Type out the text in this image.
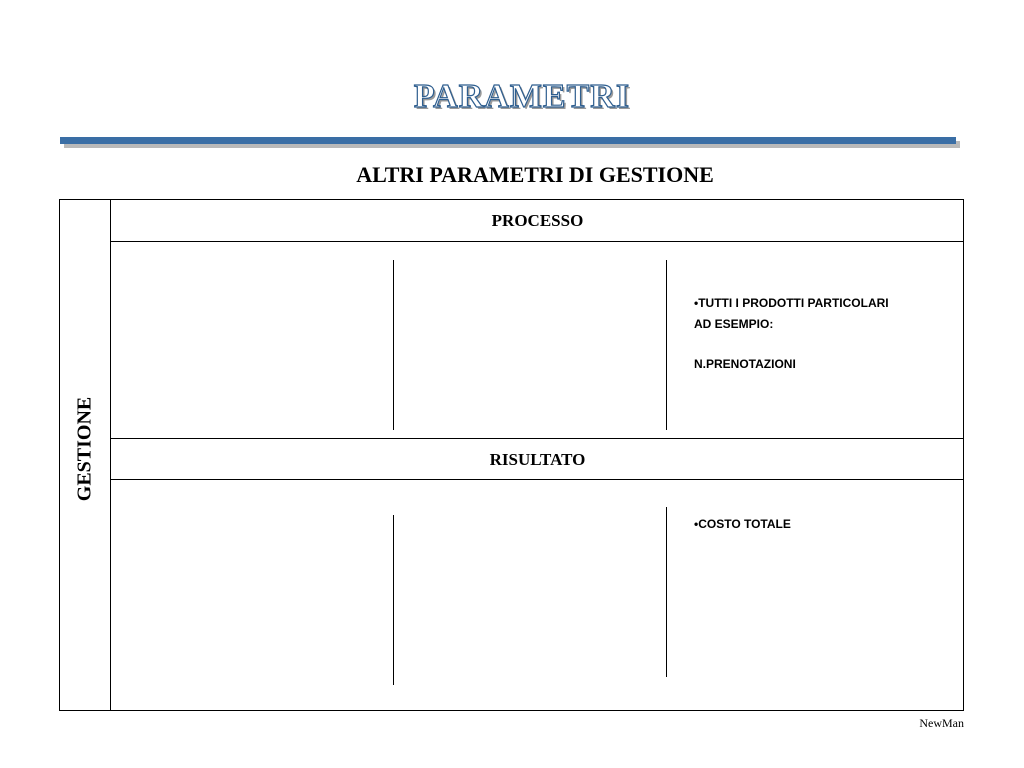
PARAMETRI
ALTRI PARAMETRI DI GESTIONE
GESTIONE
PROCESSO

•TUTTI I PRODOTTI PARTICOLARI

AD ESEMPIO:

N.PRENOTAZIONI

RISULTATO

•COSTO TOTALE

NewMan
